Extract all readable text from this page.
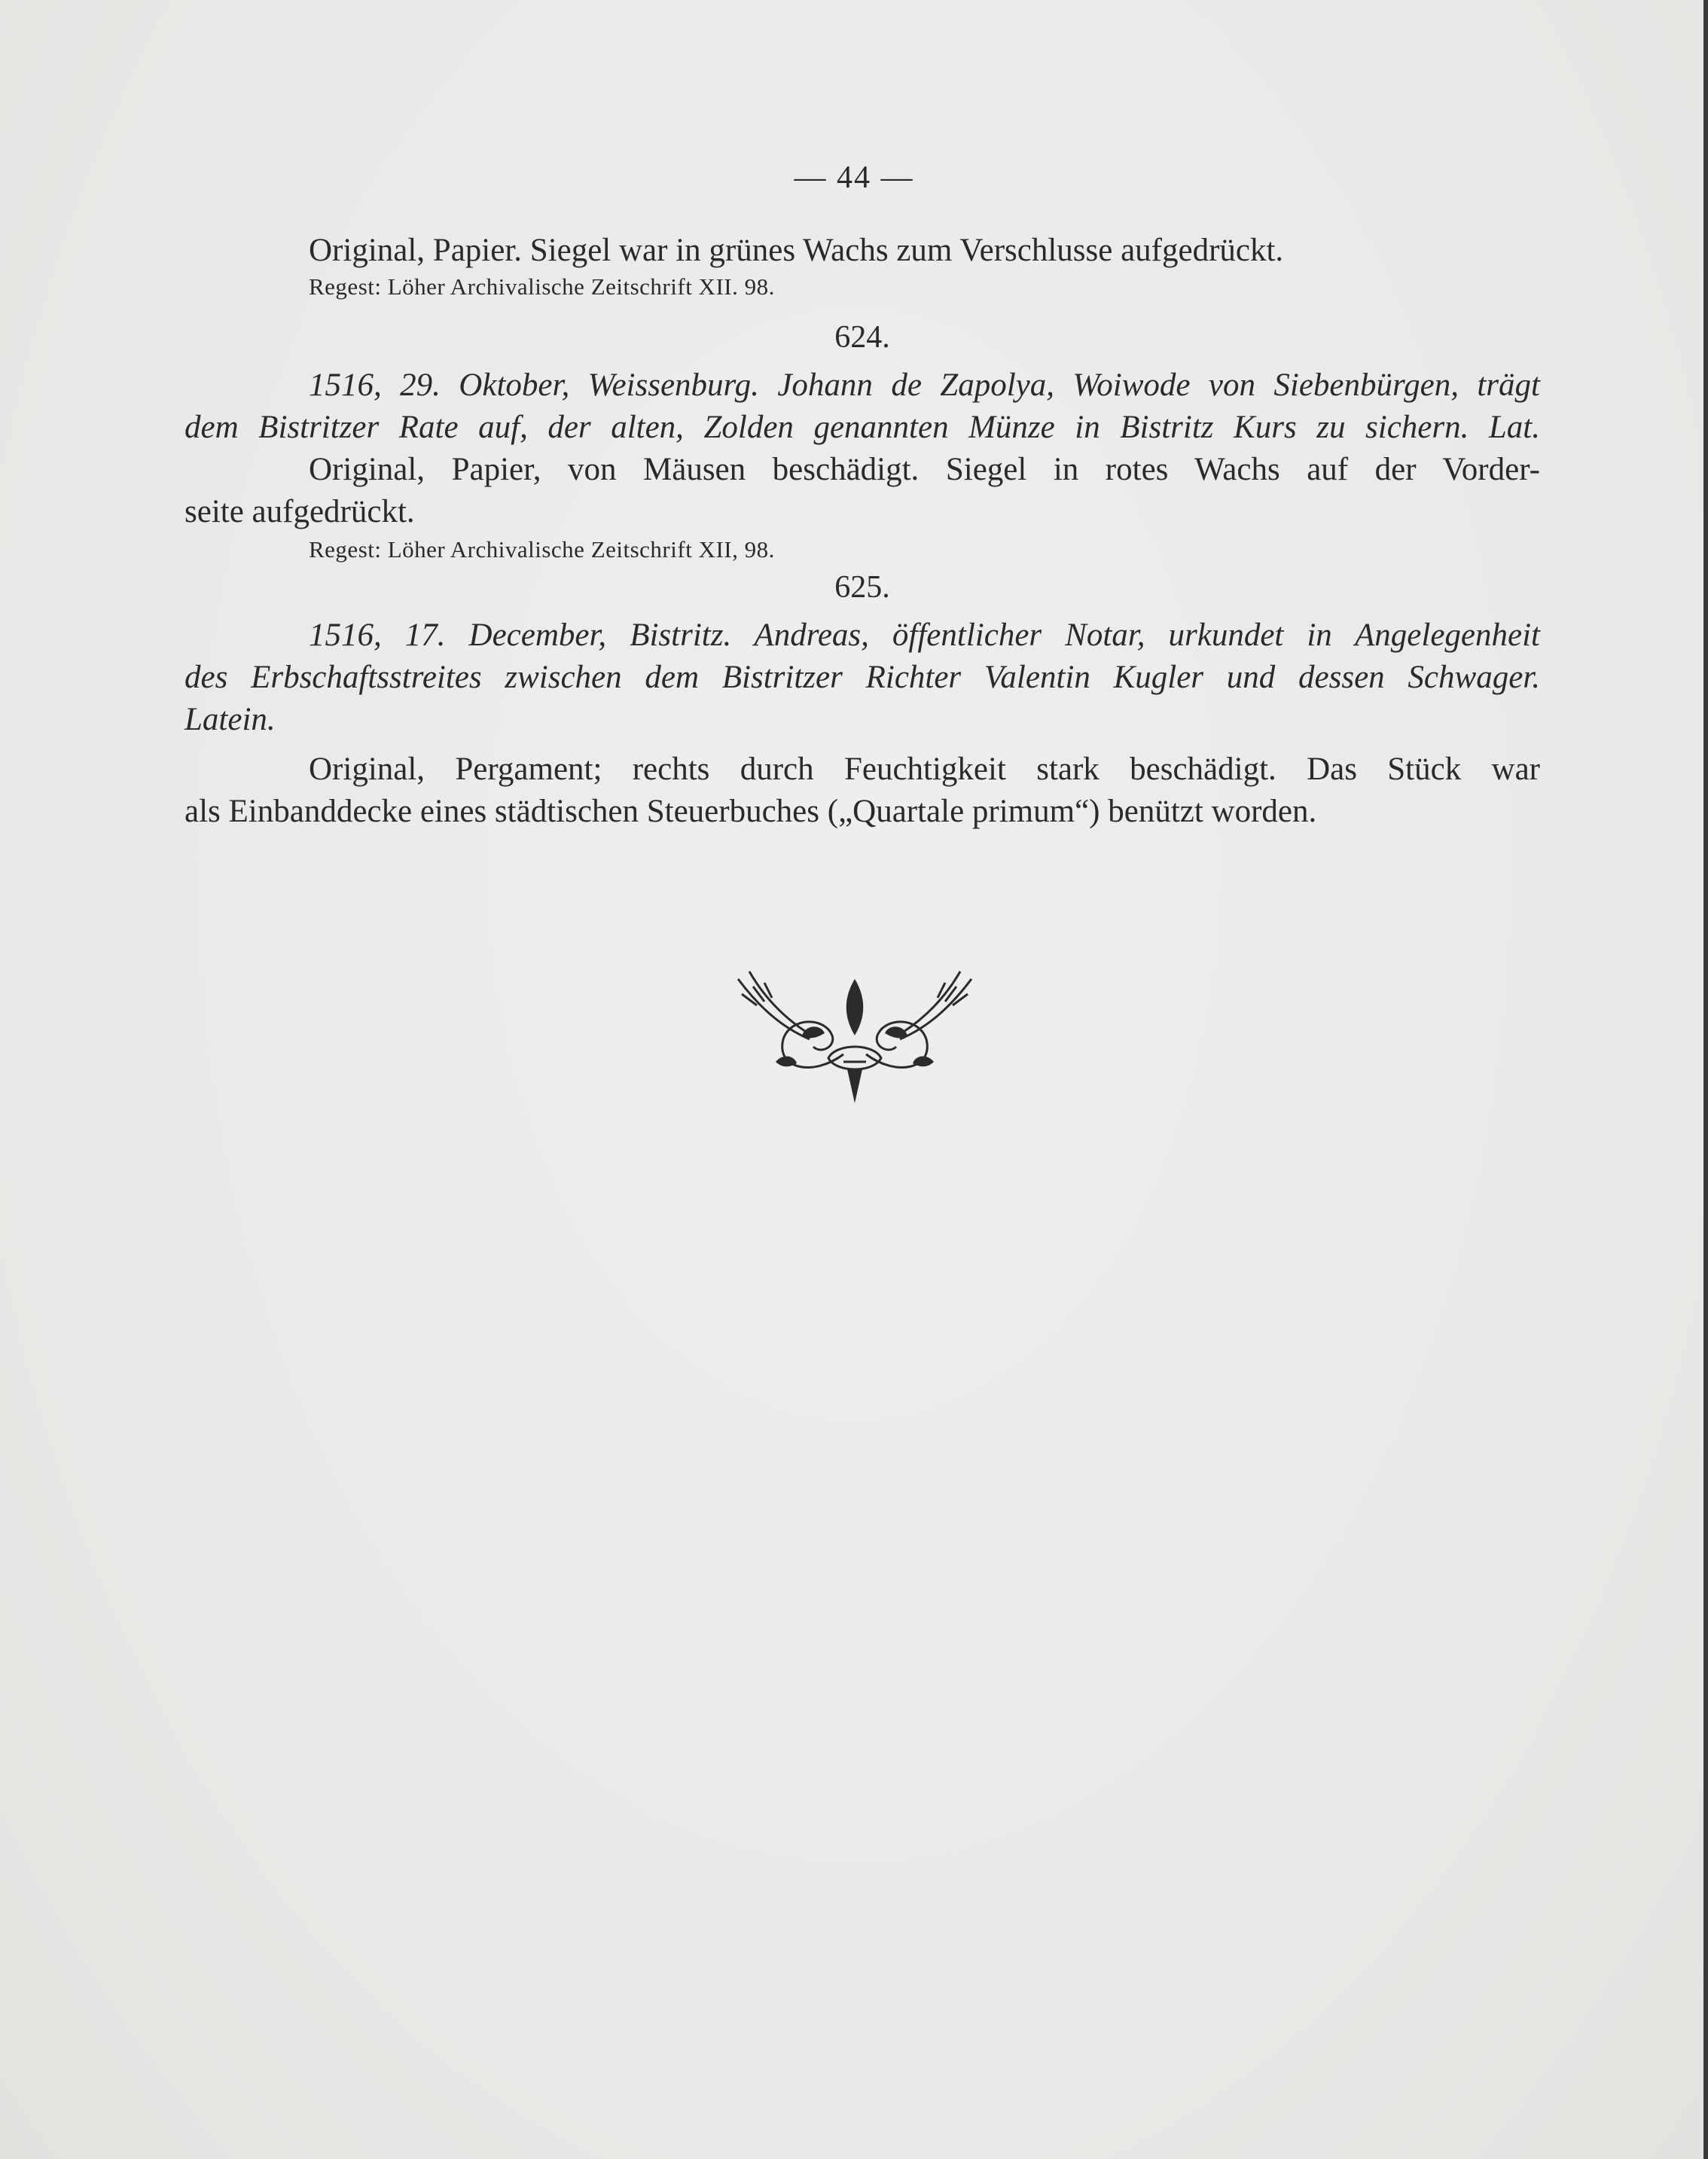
— 44 —
Original, Papier. Siegel war in grünes Wachs zum Verschlusse aufgedrückt.
Regest: Löher Archivalische Zeitschrift XII. 98.
624.
1516, 29. Oktober, Weissenburg. Johann de Zapolya, Woiwode von Siebenbürgen, trägt
dem Bistritzer Rate auf, der alten, Zolden genannten Münze in Bistritz Kurs zu sichern. Lat.
Original, Papier, von Mäusen beschädigt. Siegel in rotes Wachs auf der Vorder-
seite aufgedrückt.
Regest: Löher Archivalische Zeitschrift XII, 98.
625.
1516, 17. December, Bistritz. Andreas, öffentlicher Notar, urkundet in Angelegenheit
des Erbschaftsstreites zwischen dem Bistritzer Richter Valentin Kugler und dessen Schwager.
Latein.
Original, Pergament; rechts durch Feuchtigkeit stark beschädigt. Das Stück war
als Einbanddecke eines städtischen Steuerbuches („Quartale primum“) benützt worden.
